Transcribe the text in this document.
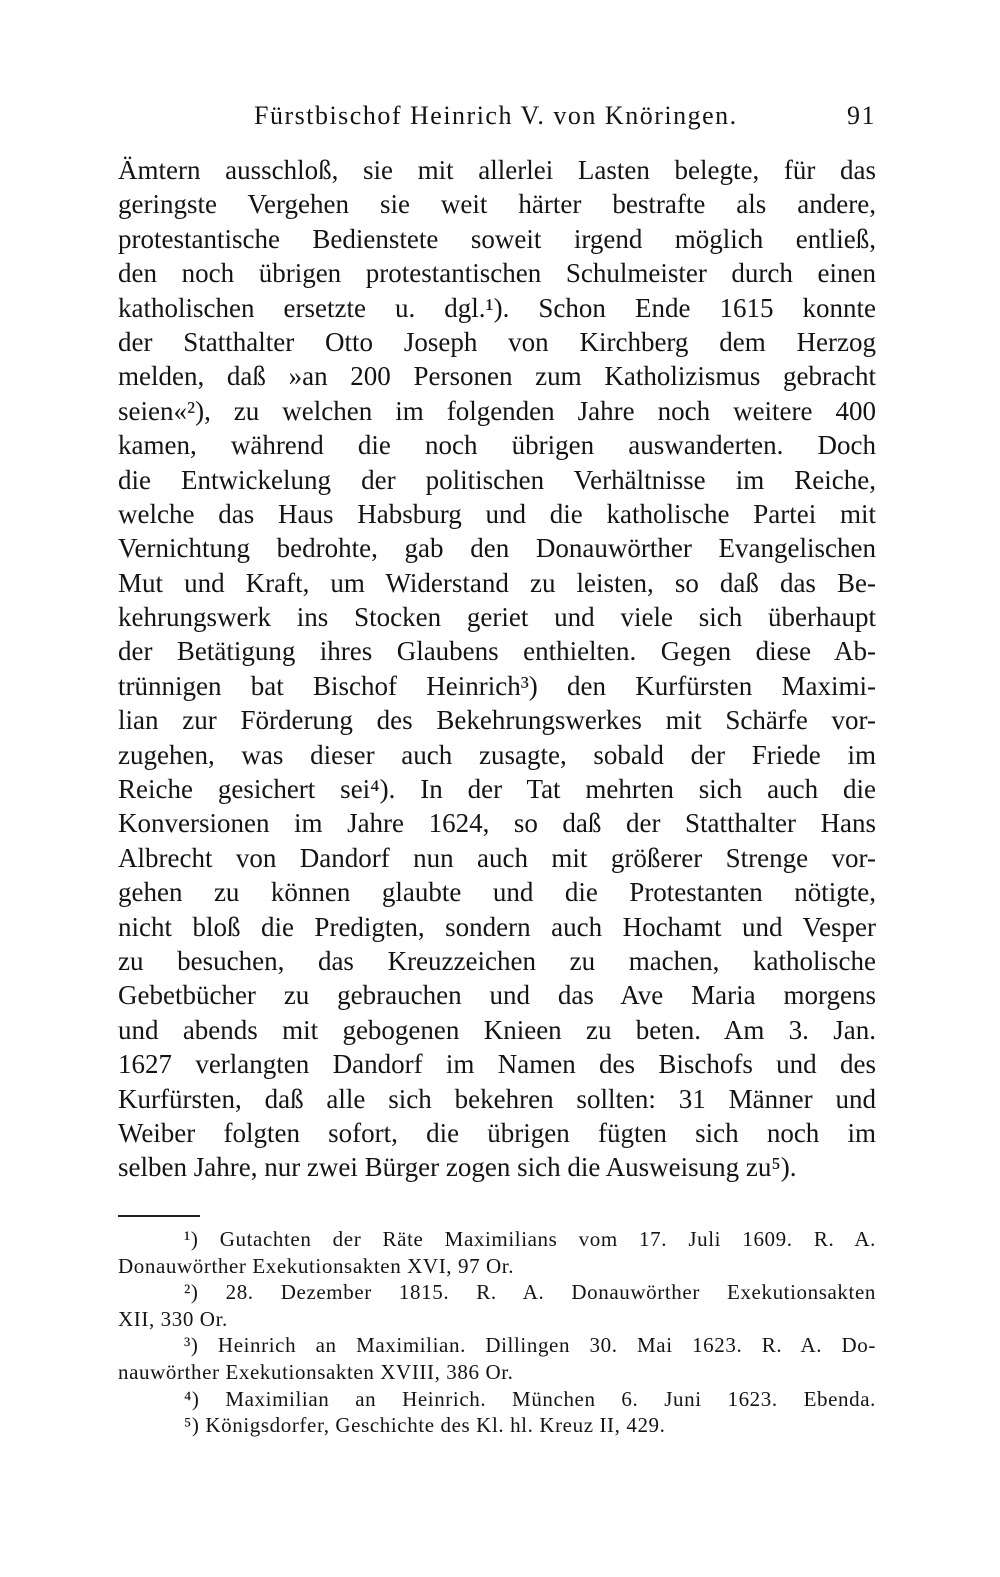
Fürstbischof Heinrich V. von Knöringen.	91
Ämtern ausschloß, sie mit allerlei Lasten belegte, für das
geringste Vergehen sie weit härter bestrafte als andere,
protestantische Bedienstete soweit irgend möglich entließ,
den noch übrigen protestantischen Schulmeister durch einen
katholischen ersetzte u. dgl.¹). Schon Ende 1615 konnte
der Statthalter Otto Joseph von Kirchberg dem Herzog
melden, daß »an 200 Personen zum Katholizismus gebracht
seien«²), zu welchen im folgenden Jahre noch weitere 400
kamen, während die noch übrigen auswanderten. Doch
die Entwickelung der politischen Verhältnisse im Reiche,
welche das Haus Habsburg und die katholische Partei mit
Vernichtung bedrohte, gab den Donauwörther Evangelischen
Mut und Kraft, um Widerstand zu leisten, so daß das Be-
kehrungswerk ins Stocken geriet und viele sich überhaupt
der Betätigung ihres Glaubens enthielten. Gegen diese Ab-
trünnigen bat Bischof Heinrich³) den Kurfürsten Maximi-
lian zur Förderung des Bekehrungswerkes mit Schärfe vor-
zugehen, was dieser auch zusagte, sobald der Friede im
Reiche gesichert sei⁴). In der Tat mehrten sich auch die
Konversionen im Jahre 1624, so daß der Statthalter Hans
Albrecht von Dandorf nun auch mit größerer Strenge vor-
gehen zu können glaubte und die Protestanten nötigte,
nicht bloß die Predigten, sondern auch Hochamt und Vesper
zu besuchen, das Kreuzzeichen zu machen, katholische
Gebetbücher zu gebrauchen und das Ave Maria morgens
und abends mit gebogenen Knieen zu beten. Am 3. Jan.
1627 verlangten Dandorf im Namen des Bischofs und des
Kurfürsten, daß alle sich bekehren sollten: 31 Männer und
Weiber folgten sofort, die übrigen fügten sich noch im
selben Jahre, nur zwei Bürger zogen sich die Ausweisung zu⁵).
¹) Gutachten der Räte Maximilians vom 17. Juli 1609. R. A.
Donauwörther Exekutionsakten XVI, 97 Or.
²) 28. Dezember 1815. R. A. Donauwörther Exekutionsakten
XII, 330 Or.
³) Heinrich an Maximilian. Dillingen 30. Mai 1623. R. A. Do-
nauwörther Exekutionsakten XVIII, 386 Or.
⁴) Maximilian an Heinrich. München 6. Juni 1623. Ebenda.
⁵) Königsdorfer, Geschichte des Kl. hl. Kreuz II, 429.
